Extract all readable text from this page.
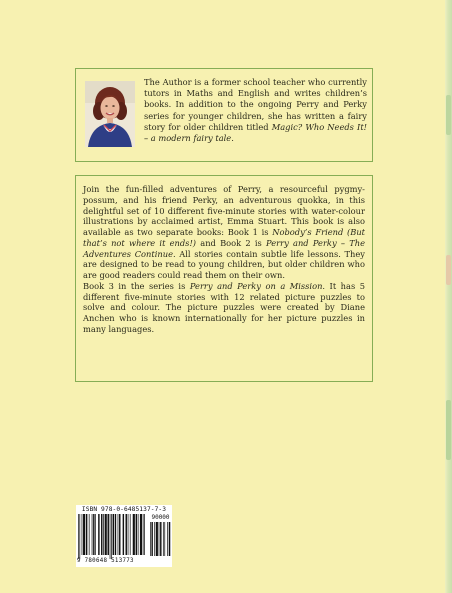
The Author is a former school teacher who currently tutors in Maths and English and writes children’s books. In addition to the ongoing Perry and Perky series for younger children, she has written a fairy story for older children titled Magic? Who Needs It! – a modern fairy tale.

Join the fun-filled adventures of Perry, a resourceful pygmy-possum, and his friend Perky, an adventurous quokka, in this delightful set of 10 different five-minute stories with water-colour illustrations by acclaimed artist, Emma Stuart. This book is also available as two separate books: Book 1 is Nobody’s Friend (But that’s not where it ends!) and Book 2 is Perry and Perky – The Adventures Continue. All stories contain subtle life lessons. They are designed to be read to young children, but older children who are good readers could read them on their own.

Book 3 in the series is Perry and Perky on a Mission. It has 5 different five-minute stories with 12 related picture puzzles to solve and colour. The picture puzzles were created by Diane Anchen who is known internationally for her picture puzzles in many languages.

ISBN 978-0-6485137-7-3
90000
9 780648 513773
